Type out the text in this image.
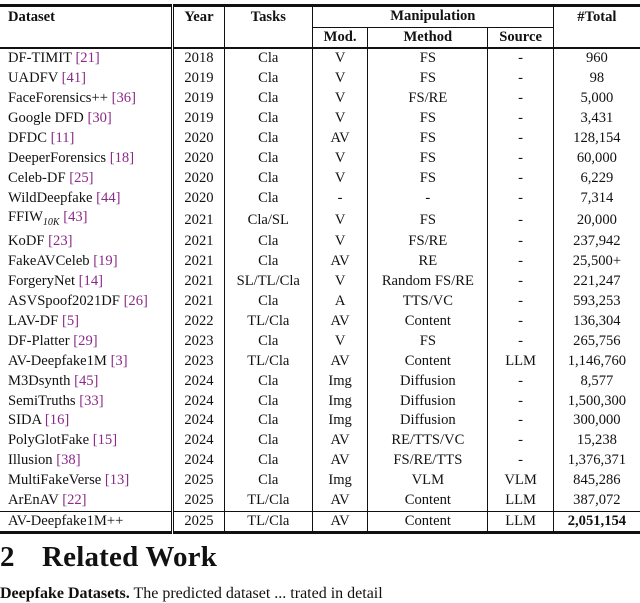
Dataset	Year	Tasks	Manipulation			#Total
			Mod.	Method	Source	
DF-TIMIT [21]	2018	Cla	V	FS	-	960
UADFV [41]	2019	Cla	V	FS	-	98
FaceForensics++ [36]	2019	Cla	V	FS/RE	-	5,000
Google DFD [30]	2019	Cla	V	FS	-	3,431
DFDC [11]	2020	Cla	AV	FS	-	128,154
DeeperForensics [18]	2020	Cla	V	FS	-	60,000
Celeb-DF [25]	2020	Cla	V	FS	-	6,229
WildDeepfake [44]	2020	Cla	-	-	-	7,314
$FFIW_{10K}$ [43]	2021	Cla/SL	V	FS	-	20,000
KoDF [23]	2021	Cla	V	FS/RE	-	237,942
FakeAVCeleb [19]	2021	Cla	AV	RE	-	25,500+
ForgeryNet [14]	2021	SL/TL/Cla	V	Random FS/RE	-	221,247
ASVSpoof2021DF [26]	2021	Cla	A	TTS/VC	-	593,253
LAV-DF [5]	2022	TL/Cla	AV	Content	-	136,304
DF-Platter [29]	2023	Cla	V	FS	-	265,756
AV-Deepfake1M [3]	2023	TL/Cla	AV	Content	LLM	1,146,760
M3Dsynth [45]	2024	Cla	Img	Diffusion	-	8,577
SemiTruths [33]	2024	Cla	Img	Diffusion	-	1,500,300
SIDA [16]	2024	Cla	Img	Diffusion	-	300,000
PolyGlotFake [15]	2024	Cla	AV	RE/TTS/VC	-	15,238
Illusion [38]	2024	Cla	AV	FS/RE/TTS	-	1,376,371
MultiFakeVerse [13]	2025	Cla	Img	VLM	VLM	845,286
ArEnAV [22]	2025	TL/Cla	AV	Content	LLM	387,072
AV-Deepfake1M++	2025	TL/Cla	AV	Content	LLM	2,051,154
2 Related Work
Deepfake Datasets. The predicted dataset ... trated in detail
